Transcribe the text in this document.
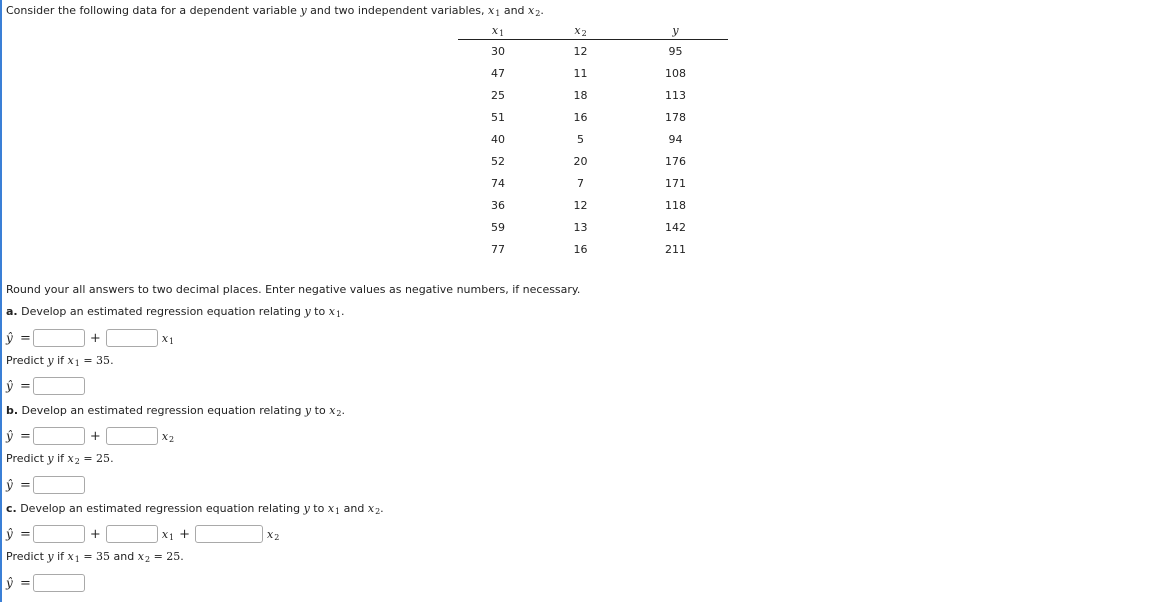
Consider the following data for a dependent variable y and two independent variables, x1 and x2.
x1	x2	y
30	12	95
47	11	108
25	18	113
51	16	178
40	5	94
52	20	176
74	7	171
36	12	118
59	13	142
77	16	211
Round your all answers to two decimal places. Enter negative values as negative numbers, if necessary.
a. Develop an estimated regression equation relating y to x1.
ŷ =	+	x1
Predict y if x1 = 35.
ŷ =
b. Develop an estimated regression equation relating y to x2.
ŷ =	+	x2
Predict y if x2 = 25.
ŷ =
c. Develop an estimated regression equation relating y to x1 and x2.
ŷ =	+	x1 +	x2
Predict y if x1 = 35 and x2 = 25.
ŷ =
